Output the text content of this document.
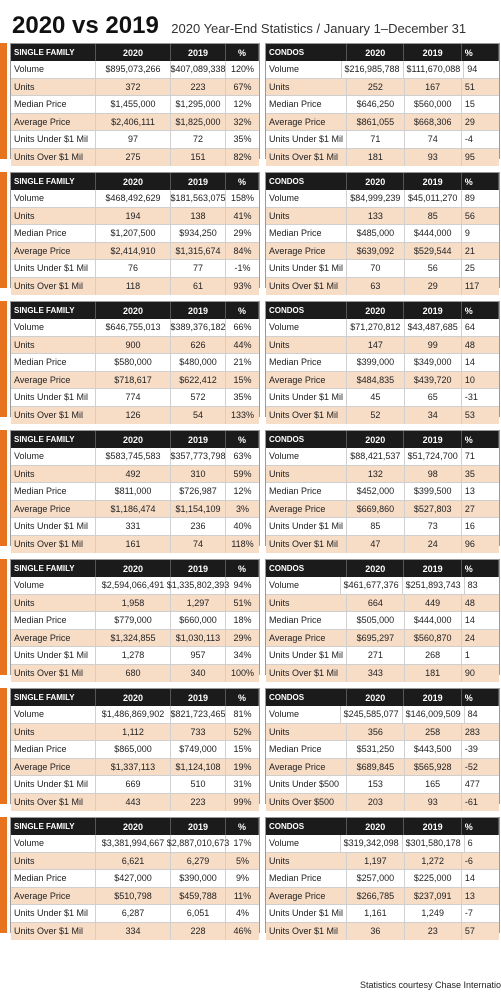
2020 vs 2019 2020 Year-End Statistics / January 1–December 31
SINGLE FAMILY	2020	2019	%
Volume	$895,073,266	$407,089,338 120%
Units	372	223	67%
Median Price	$1,455,000	$1,295,000	12%
Average Price	$2,406,111	$1,825,000	32%
Units Under $1 Mil	97	72	35%
Units Over $1 Mil	275	151	82%
CONDOS	2020	2019	%
Volume	$216,985,788 $111,670,088 94
Units	252	167	51
Median Price	$646,250	$560,000	15
Average Price	$861,055	$668,306	29
Units Under $1 Mil	71	74	-4
Units Over $1 Mil	181	93	95
SINGLE FAMILY	2020	2019	%
Volume	$468,492,629	$181,563,075 158%
Units	194	138	41%
Median Price	$1,207,500	$934,250	29%
Average Price	$2,414,910	$1,315,674	84%
Units Under $1 Mil	76	77	-1%
Units Over $1 Mil	118	61	93%
CONDOS	2020	2019	%
Volume	$84,999,239 $45,011,270 89
Units	133	85	56
Median Price	$485,000	$444,000	9
Average Price	$639,092	$529,544	21
Units Under $1 Mil	70	56	25
Units Over $1 Mil	63	29	117
SINGLE FAMILY	2020	2019	%
Volume	$646,755,013	$389,376,182 66%
Units	900	626	44%
Median Price	$580,000	$480,000	21%
Average Price	$718,617	$622,412	15%
Units Under $1 Mil	774	572	35%
Units Over $1 Mil	126	54	133%
CONDOS	2020	2019	%
Volume	$71,270,812 $43,487,685 64
Units	147	99	48
Median Price	$399,000	$349,000	14
Average Price	$484,835	$439,720	10
Units Under $1 Mil	45	65	-31
Units Over $1 Mil	52	34	53
SINGLE FAMILY	2020	2019	%
Volume	$583,745,583	$357,773,798 63%
Units	492	310	59%
Median Price	$811,000	$726,987	12%
Average Price	$1,186,474	$1,154,109	3%
Units Under $1 Mil	331	236	40%
Units Over $1 Mil	161	74	118%
CONDOS	2020	2019	%
Volume	$88,421,537 $51,724,700 71
Units	132	98	35
Median Price	$452,000	$399,500	13
Average Price	$669,860	$527,803	27
Units Under $1 Mil	85	73	16
Units Over $1 Mil	47	24	96
SINGLE FAMILY	2020	2019	%
Volume	$2,594,066,491 $1,335,802,393 94%
Units	1,958	1,297	51%
Median Price	$779,000	$660,000	18%
Average Price	$1,324,855	$1,030,113	29%
Units Under $1 Mil	1,278	957	34%
Units Over $1 Mil	680	340	100%
CONDOS	2020	2019	%
Volume	$461,677,376 $251,893,743 83
Units	664	449	48
Median Price	$505,000	$444,000	14
Average Price	$695,297	$560,870	24
Units Under $1 Mil	271	268	1
Units Over $1 Mil	343	181	90
SINGLE FAMILY	2020	2019	%
Volume	$1,486,869,902 $821,723,465 81%
Units	1,112	733	52%
Median Price	$865,000	$749,000	15%
Average Price	$1,337,113	$1,124,108	19%
Units Under $1 Mil	669	510	31%
Units Over $1 Mil	443	223	99%
CONDOS	2020	2019	%
Volume	$245,585,077 $146,009,509 84
Units	356	258	283
Median Price	$531,250	$443,500	-39
Average Price	$689,845	$565,928	-52
Units Under $500	153	165	477
Units Over $500	203	93	-61
SINGLE FAMILY	2020	2019	%
Volume	$3,381,994,667 $2,887,010,673 17%
Units	6,621	6,279	5%
Median Price	$427,000	$390,000	9%
Average Price	$510,798	$459,788	11%
Units Under $1 Mil	6,287	6,051	4%
Units Over $1 Mil	334	228	46%
CONDOS	2020	2019	%
Volume	$319,342,098 $301,580,178 6
Units	1,197	1,272	-6
Median Price	$257,000	$225,000	14
Average Price	$266,785	$237,091	13
Units Under $1 Mil	1,161	1,249	-7
Units Over $1 Mil	36	23	57
Statistics courtesy Chase Internatio
